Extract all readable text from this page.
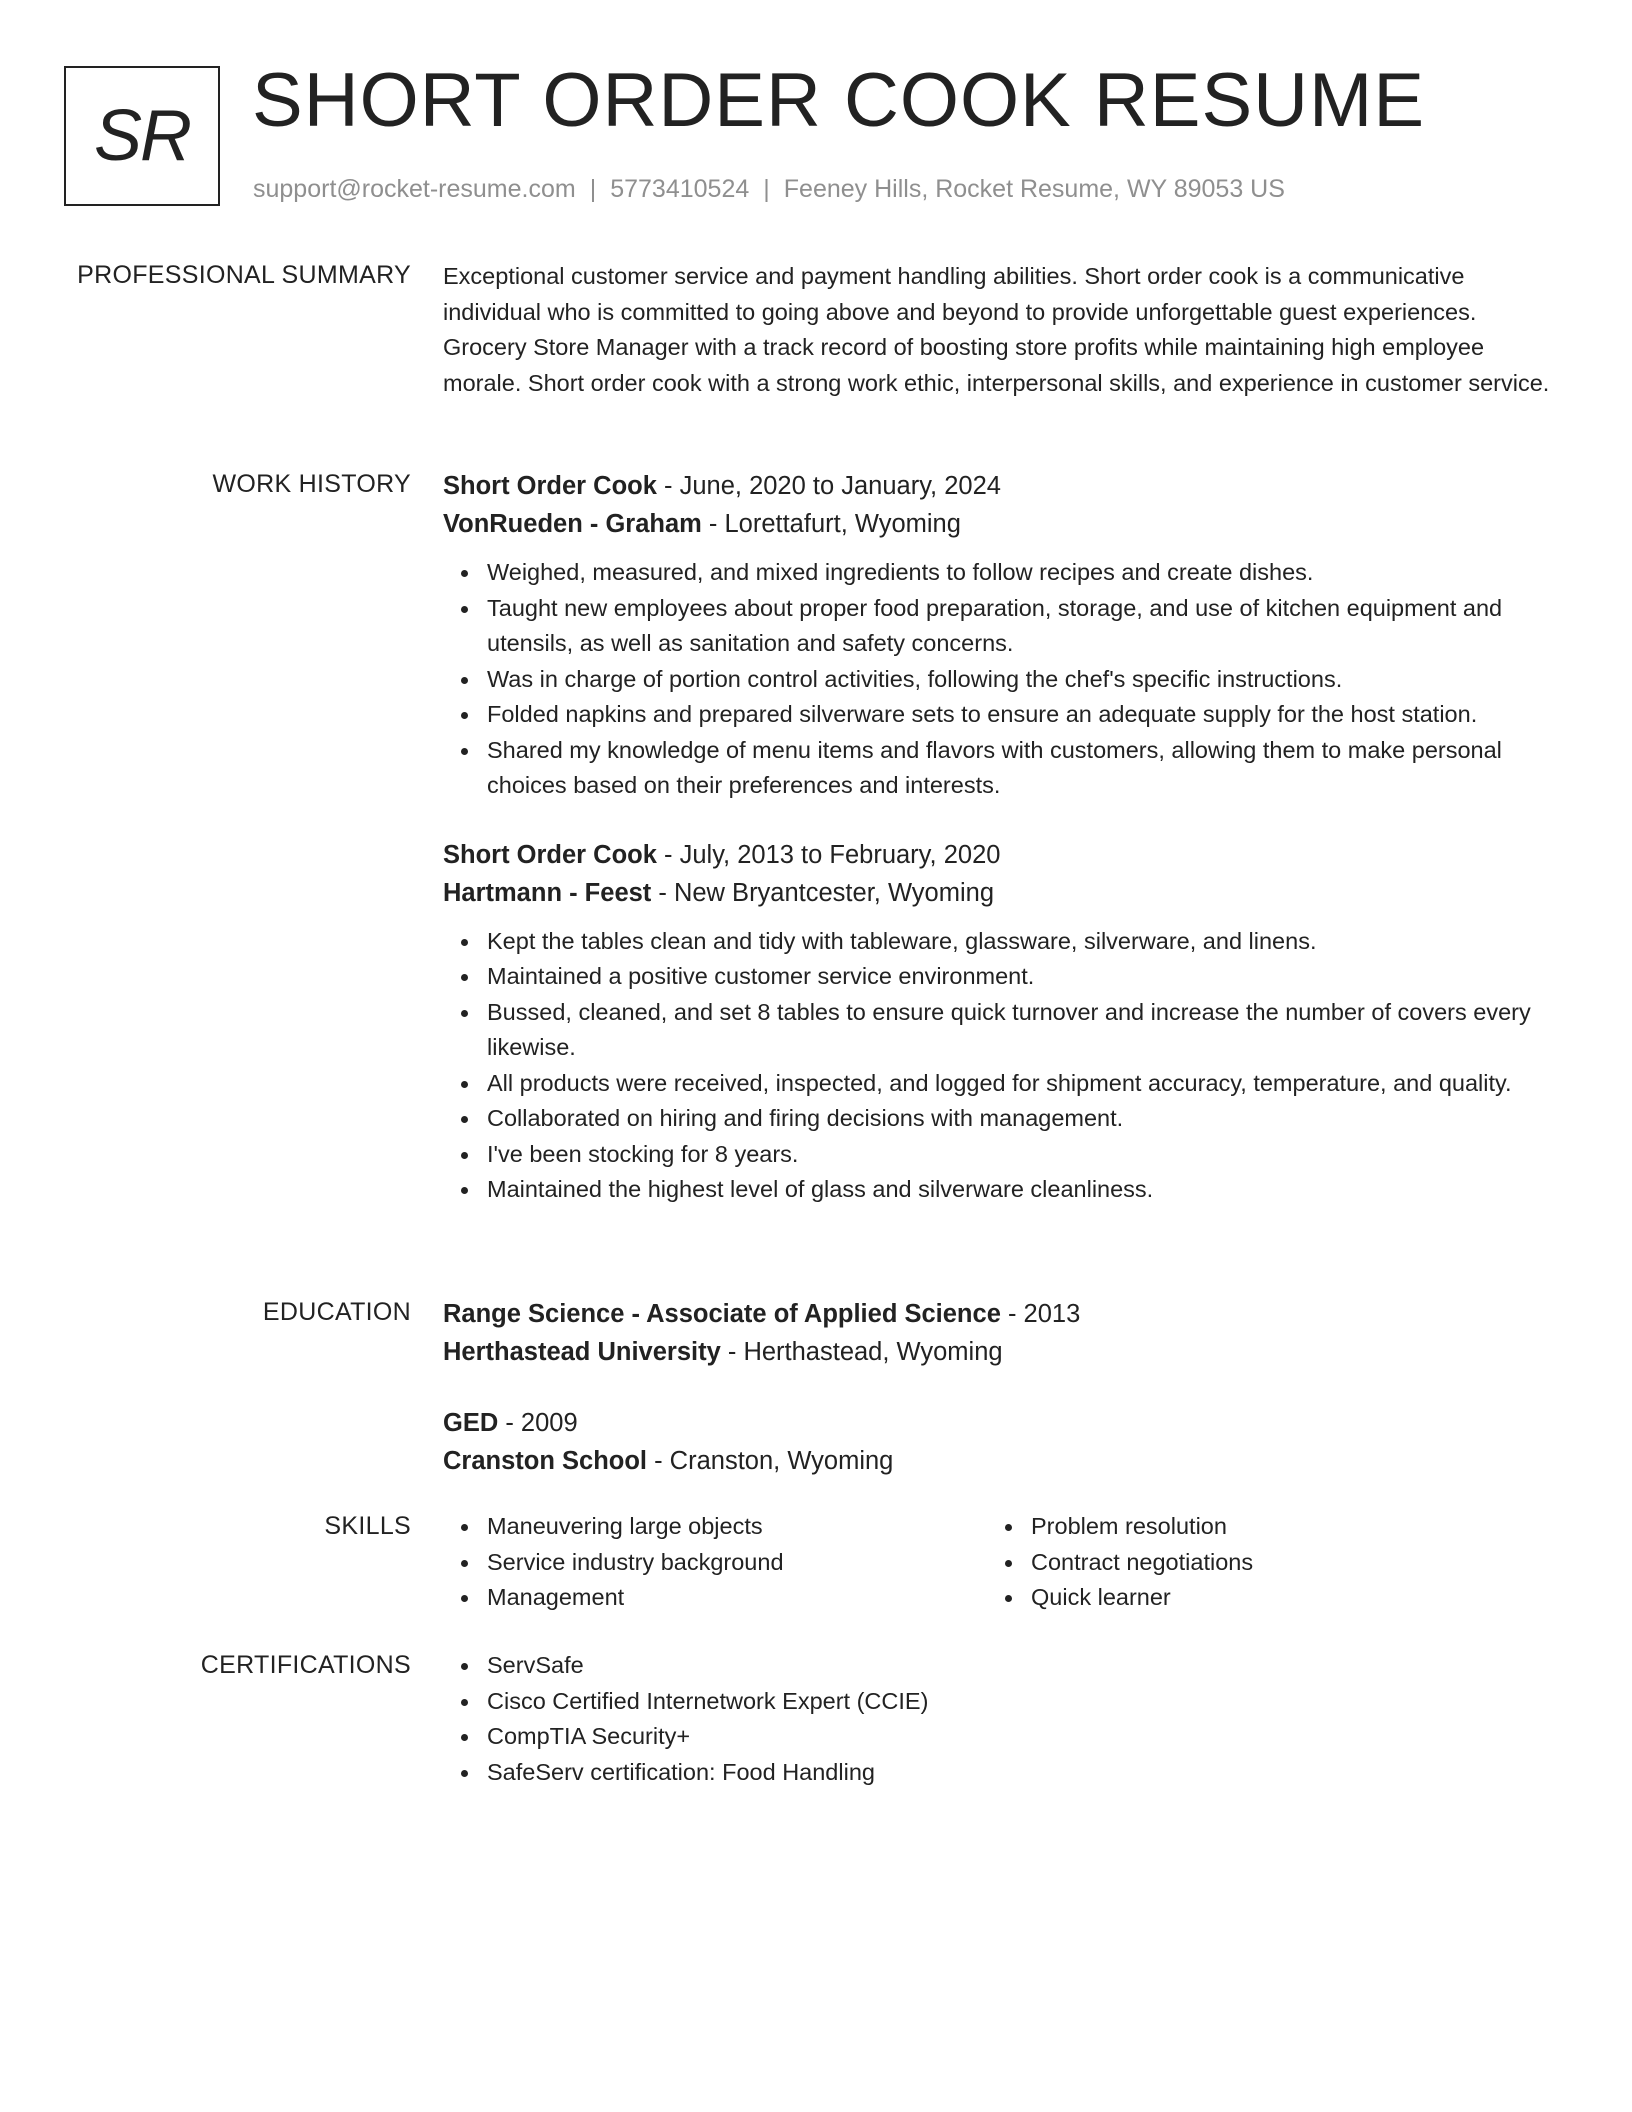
SR SHORT ORDER COOK RESUME
support@rocket-resume.com | 5773410524 | Feeney Hills, Rocket Resume, WY 89053 US
PROFESSIONAL SUMMARY Exceptional customer service and payment handling abilities. Short order cook is a communicative individual who is committed to going above and beyond to provide unforgettable guest experiences. Grocery Store Manager with a track record of boosting store profits while maintaining high employee morale. Short order cook with a strong work ethic, interpersonal skills, and experience in customer service.

WORK HISTORY Short Order Cook - June, 2020 to January, 2024
VonRueden - Graham - Lorettafurt, Wyoming
Weighed, measured, and mixed ingredients to follow recipes and create dishes.
Taught new employees about proper food preparation, storage, and use of kitchen equipment and utensils, as well as sanitation and safety concerns.
Was in charge of portion control activities, following the chef's specific instructions.
Folded napkins and prepared silverware sets to ensure an adequate supply for the host station.
Shared my knowledge of menu items and flavors with customers, allowing them to make personal choices based on their preferences and interests.
Short Order Cook - July, 2013 to February, 2020
Hartmann - Feest - New Bryantcester, Wyoming
Kept the tables clean and tidy with tableware, glassware, silverware, and linens.
Maintained a positive customer service environment.
Bussed, cleaned, and set 8 tables to ensure quick turnover and increase the number of covers every likewise.
All products were received, inspected, and logged for shipment accuracy, temperature, and quality.
Collaborated on hiring and firing decisions with management.
I've been stocking for 8 years.
Maintained the highest level of glass and silverware cleanliness.
EDUCATION Range Science - Associate of Applied Science - 2013
Herthastead University - Herthastead, Wyoming
GED - 2009
Cranston School - Cranston, Wyoming
SKILLS	Maneuvering large objects
Service industry background
Management
Problem resolution
Contract negotiations
Quick learner
CERTIFICATIONS	ServSafe
Cisco Certified Internetwork Expert (CCIE)
CompTIA Security+
SafeServ certification: Food Handling
